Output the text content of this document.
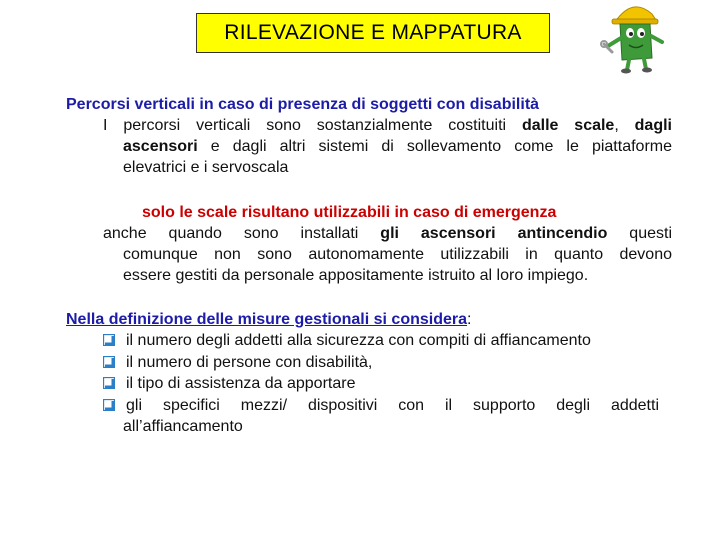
RILEVAZIONE E MAPPATURA
Percorsi verticali in caso di presenza di soggetti con disabilità
I percorsi verticali sono sostanzialmente costituiti dalle scale, dagli
ascensori e dagli altri sistemi di sollevamento come le piattaforme
elevatrici e i servoscala
solo le scale risultano utilizzabili in caso di emergenza
anche quando sono installati gli ascensori antincendio questi
comunque non sono autonomamente utilizzabili in quanto devono
essere gestiti da personale appositamente istruito al loro impiego.
Nella definizione delle misure gestionali si considera:
il numero degli addetti alla sicurezza con compiti di affiancamento
il numero di persone con disabilità,
il tipo di assistenza da apportare
gli specifici mezzi/ dispositivi con il supporto degli addetti
all’affiancamento
